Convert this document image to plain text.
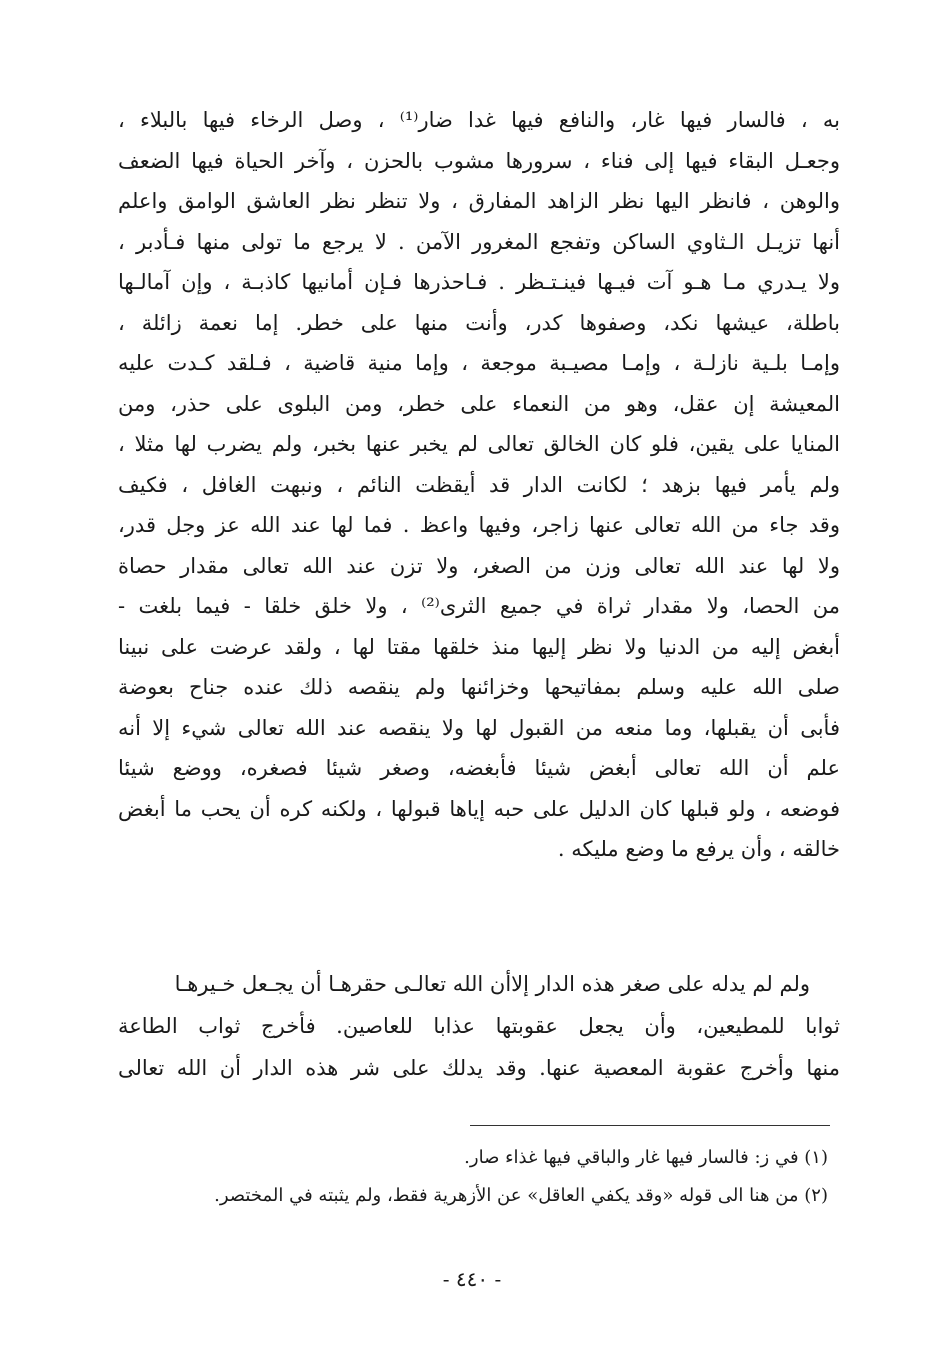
به ، فالسار فيها غار، والنافع فيها غدا ضار⁽¹⁾ ، وصل الرخاء فيها بالبلاء ،
وجعـل البقاء فيها إلى فناء ، سرورها مشوب بالحزن ، وآخر الحياة فيها الضعف
والوهن ، فانظر اليها نظر الزاهد المفارق ، ولا تنظر نظر العاشق الوامق واعلم
أنها تزيـل الـثاوي الساكن وتفجع المغرور الآمن . لا يرجع ما تولى منها فـأدبر ،
ولا يـدري مـا هـو آت فيـها فينـتـظر . فـاحذرها فـإن أمانيها كاذبـة ، وإن آمالـها
باطلة، عيشها نكد، وصفوها كدر، وأنت منها على خطر. إما نعمة زائلة ،
وإمـا بلـية نازلـة ، وإمـا مصيـبة موجعة ، وإما منية قاضية ، فـلقد كـدت عليه
المعيشة إن عقل، وهو من النعماء على خطر، ومن البلوى على حذر، ومن
المنايا على يقين، فلو كان الخالق تعالى لم يخبر عنها بخبر، ولم يضرب لها مثلا ،
ولم يأمر فيها بزهد ؛ لكانت الدار قد أيقظت النائم ، ونبهت الغافل ، فكيف
وقد جاء من الله تعالى عنها زاجر، وفيها واعظ . فما لها عند الله عز وجل قدر،
ولا لها عند الله تعالى وزن من الصغر، ولا تزن عند الله تعالى مقدار حصاة
من الحصا، ولا مقدار ثراة في جميع الثرى⁽²⁾ ، ولا خلق خلقا - فيما بلغت -
أبغض إليه من الدنيا ولا نظر إليها منذ خلقها مقتا لها ، ولقد عرضت على نبينا
صلى الله عليه وسلم بمفاتيحها وخزائنها ولم ينقصه ذلك عنده جناح بعوضة
فأبى أن يقبلها، وما منعه من القبول لها ولا ينقصه عند الله تعالى شيء إلا أنه
علم أن الله تعالى أبغض شيئا فأبغضه، وصغر شيئا فصغره، ووضع شيئا
فوضعه ، ولو قبلها كان الدليل على حبه إياها قبولها ، ولكنه كره أن يحب ما أبغض
خالقه ، وأن يرفع ما وضع مليكه .
ولم لم يدله على صغر هذه الدار إلاأن الله تعالـى حقرهـا أن يجـعل خـيرهـا
ثوابا للمطيعين، وأن يجعل عقوبتها عذابا للعاصين. فأخرج ثواب الطاعة
منها وأخرج عقوبة المعصية عنها. وقد يدلك على شر هذه الدار أن الله تعالى
(١) في ز: فالسار فيها غار والباقي فيها غذاء صار.
(٢) من هنا الى قوله «وقد يكفي العاقل» عن الأزهرية فقط، ولم يثبته في المختصر.
- ٤٤٠ -
